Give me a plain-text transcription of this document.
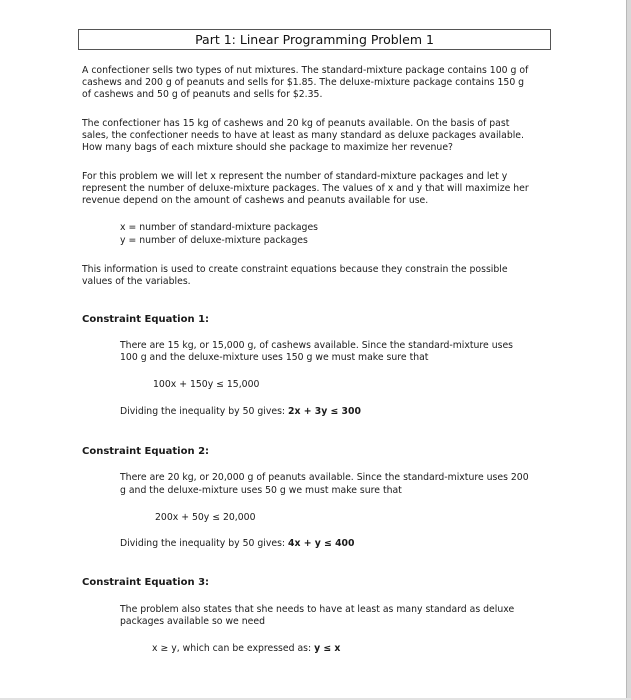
Part 1: Linear Programming Problem 1

A confectioner sells two types of nut mixtures. The standard-mixture package contains 100 g of

cashews and 200 g of peanuts and sells for $1.85. The deluxe-mixture package contains 150 g

of cashews and 50 g of peanuts and sells for $2.35.

The confectioner has 15 kg of cashews and 20 kg of peanuts available. On the basis of past

sales, the confectioner needs to have at least as many standard as deluxe packages available.

How many bags of each mixture should she package to maximize her revenue?

For this problem we will let x represent the number of standard-mixture packages and let y

represent the number of deluxe-mixture packages. The values of x and y that will maximize her

revenue depend on the amount of cashews and peanuts available for use.

x = number of standard-mixture packages

y = number of deluxe-mixture packages

This information is used to create constraint equations because they constrain the possible

values of the variables.

Constraint Equation 1:

There are 15 kg, or 15,000 g, of cashews available. Since the standard-mixture uses

100 g and the deluxe-mixture uses 150 g we must make sure that

100x + 150y ≤ 15,000

Dividing the inequality by 50 gives: 2x + 3y ≤ 300

Constraint Equation 2:

There are 20 kg, or 20,000 g of peanuts available. Since the standard-mixture uses 200

g and the deluxe-mixture uses 50 g we must make sure that

200x + 50y ≤ 20,000

Dividing the inequality by 50 gives: 4x + y ≤ 400

Constraint Equation 3:

The problem also states that she needs to have at least as many standard as deluxe

packages available so we need

x ≥ y, which can be expressed as: y ≤ x
